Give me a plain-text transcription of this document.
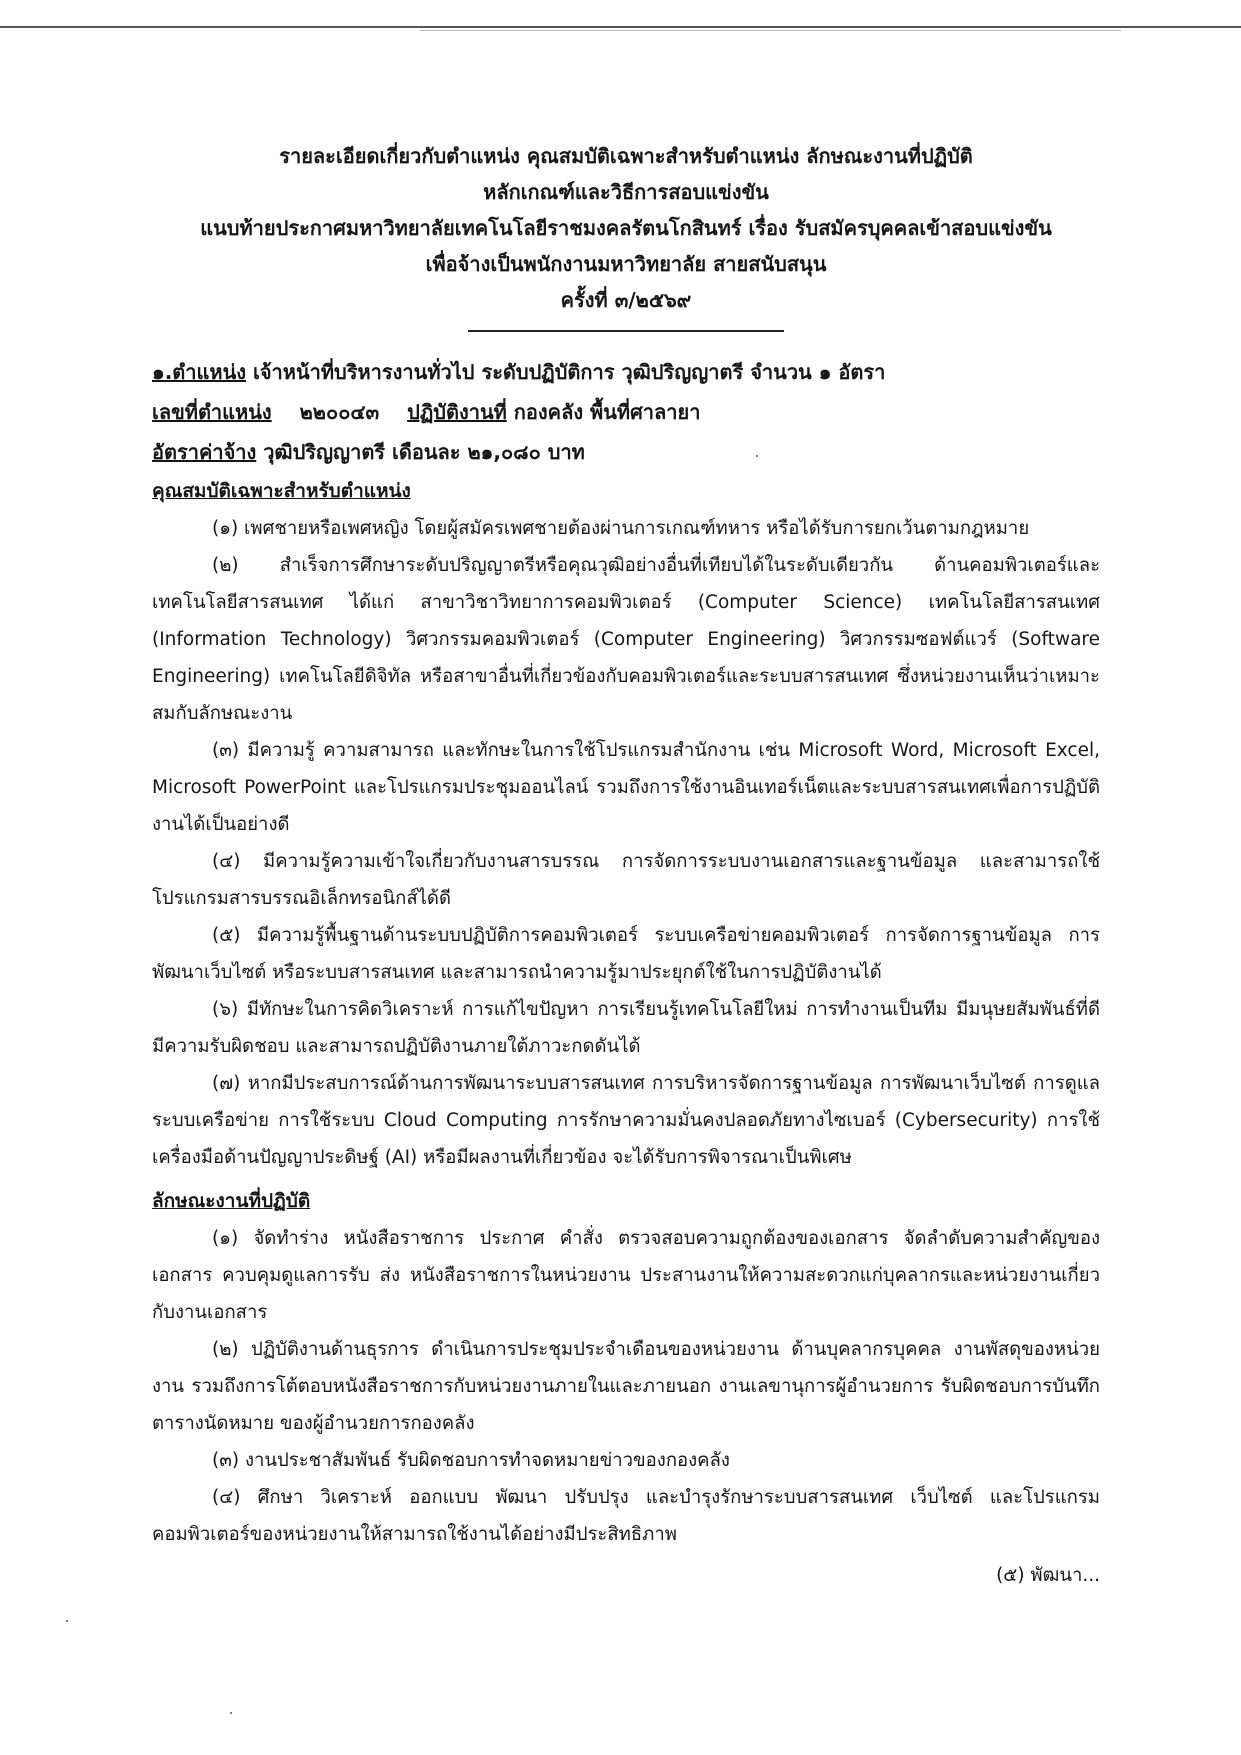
รายละเอียดเกี่ยวกับตำแหน่ง คุณสมบัติเฉพาะสำหรับตำแหน่ง ลักษณะงานที่ปฏิบัติ
หลักเกณฑ์และวิธีการสอบแข่งขัน
แนบท้ายประกาศมหาวิทยาลัยเทคโนโลยีราชมงคลรัตนโกสินทร์ เรื่อง รับสมัครบุคคลเข้าสอบแข่งขัน
เพื่อจ้างเป็นพนักงานมหาวิทยาลัย สายสนับสนุน
ครั้งที่ ๓/๒๕๖๙
๑.ตำแหน่ง เจ้าหน้าที่บริหารงานทั่วไป ระดับปฏิบัติการ วุฒิปริญญาตรี จำนวน ๑ อัตรา
เลขที่ตำแหน่ง ๒๒๐๐๔๓ ปฏิบัติงานที่ กองคลัง พื้นที่ศาลายา
อัตราค่าจ้าง วุฒิปริญญาตรี เดือนละ ๒๑,๐๘๐ บาท
คุณสมบัติเฉพาะสำหรับตำแหน่ง

(๑) เพศชายหรือเพศหญิง โดยผู้สมัครเพศชายต้องผ่านการเกณฑ์ทหาร หรือได้รับการยกเว้นตามกฎหมาย

(๒) สำเร็จการศึกษาระดับปริญญาตรีหรือคุณวุฒิอย่างอื่นที่เทียบได้ในระดับเดียวกัน ด้านคอมพิวเตอร์และเทคโนโลยีสารสนเทศ ได้แก่ สาขาวิชาวิทยาการคอมพิวเตอร์ (Computer Science) เทคโนโลยีสารสนเทศ (Information Technology) วิศวกรรมคอมพิวเตอร์ (Computer Engineering) วิศวกรรมซอฟต์แวร์ (Software Engineering) เทคโนโลยีดิจิทัล หรือสาขาอื่นที่เกี่ยวข้องกับคอมพิวเตอร์และระบบสารสนเทศ ซึ่งหน่วยงานเห็นว่าเหมาะสมกับลักษณะงาน

(๓) มีความรู้ ความสามารถ และทักษะในการใช้โปรแกรมสำนักงาน เช่น Microsoft Word, Microsoft Excel, Microsoft PowerPoint และโปรแกรมประชุมออนไลน์ รวมถึงการใช้งานอินเทอร์เน็ตและระบบสารสนเทศเพื่อการปฏิบัติงานได้เป็นอย่างดี

(๔) มีความรู้ความเข้าใจเกี่ยวกับงานสารบรรณ การจัดการระบบงานเอกสารและฐานข้อมูล และสามารถใช้โปรแกรมสารบรรณอิเล็กทรอนิกส์ได้ดี

(๕) มีความรู้พื้นฐานด้านระบบปฏิบัติการคอมพิวเตอร์ ระบบเครือข่ายคอมพิวเตอร์ การจัดการฐานข้อมูล การพัฒนาเว็บไซต์ หรือระบบสารสนเทศ และสามารถนำความรู้มาประยุกต์ใช้ในการปฏิบัติงานได้

(๖) มีทักษะในการคิดวิเคราะห์ การแก้ไขปัญหา การเรียนรู้เทคโนโลยีใหม่ การทำงานเป็นทีม มีมนุษยสัมพันธ์ที่ดี มีความรับผิดชอบ และสามารถปฏิบัติงานภายใต้ภาวะกดดันได้

(๗) หากมีประสบการณ์ด้านการพัฒนาระบบสารสนเทศ การบริหารจัดการฐานข้อมูล การพัฒนาเว็บไซต์ การดูแลระบบเครือข่าย การใช้ระบบ Cloud Computing การรักษาความมั่นคงปลอดภัยทางไซเบอร์ (Cybersecurity) การใช้เครื่องมือด้านปัญญาประดิษฐ์ (AI) หรือมีผลงานที่เกี่ยวข้อง จะได้รับการพิจารณาเป็นพิเศษ

ลักษณะงานที่ปฏิบัติ

(๑) จัดทำร่าง หนังสือราชการ ประกาศ คำสั่ง ตรวจสอบความถูกต้องของเอกสาร จัดลำดับความสำคัญของเอกสาร ควบคุมดูแลการรับ ส่ง หนังสือราชการในหน่วยงาน ประสานงานให้ความสะดวกแก่บุคลากรและหน่วยงานเกี่ยวกับงานเอกสาร

(๒) ปฏิบัติงานด้านธุรการ ดำเนินการประชุมประจำเดือนของหน่วยงาน ด้านบุคลากรบุคคล งานพัสดุของหน่วยงาน รวมถึงการโต้ตอบหนังสือราชการกับหน่วยงานภายในและภายนอก งานเลขานุการผู้อำนวยการ รับผิดชอบการบันทึกตารางนัดหมาย ของผู้อำนวยการกองคลัง

(๓) งานประชาสัมพันธ์ รับผิดชอบการทำจดหมายข่าวของกองคลัง

(๔) ศึกษา วิเคราะห์ ออกแบบ พัฒนา ปรับปรุง และบำรุงรักษาระบบสารสนเทศ เว็บไซต์ และโปรแกรมคอมพิวเตอร์ของหน่วยงานให้สามารถใช้งานได้อย่างมีประสิทธิภาพ

(๕) พัฒนา...
